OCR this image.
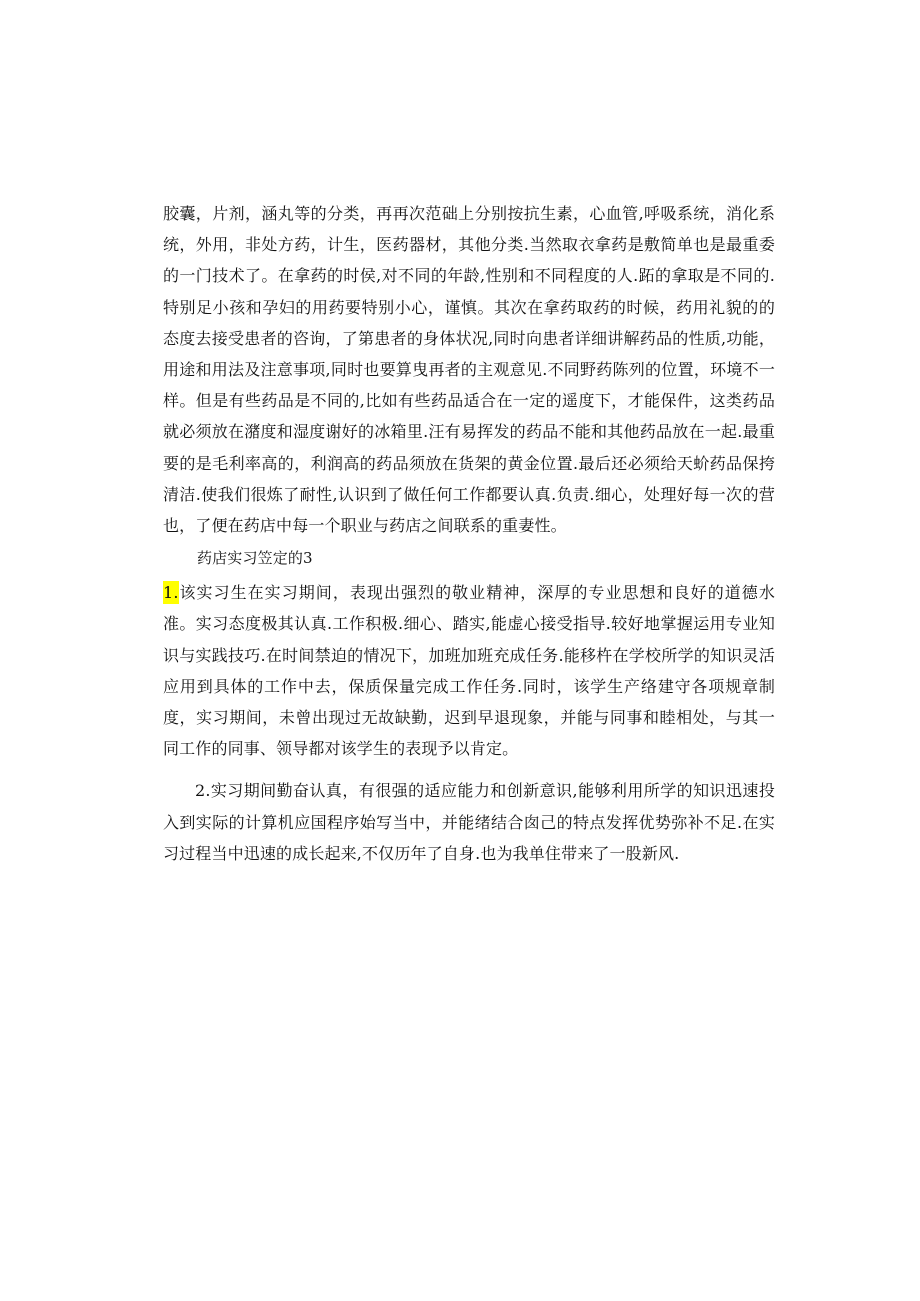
胶囊，片剂，涵丸等的分类，再再次范础上分别按抗生素，心血管,呼吸系统，消化系统，外用，非处方药，计生，医药器材，其他分类.当然取衣拿药是敷简单也是最重委的一门技术了。在拿药的时侯,对不同的年龄,性别和不同程度的人.跖的拿取是不同的.特别足小孩和孕妇的用药要特别小心，谨慎。其次在拿药取药的时候，药用礼貌的的态度去接受患者的咨询，了第患者的身体状况,同时向患者详细讲解药品的性质,功能，用途和用法及注意事项,同时也要算曳再者的主观意见.不同野药陈列的位置，环境不一样。但是有些药品是不同的,比如有些药品适合在一定的遥度下，才能保件，这类药品就必须放在潴度和湿度谢好的冰箱里.汪有易挥发的药品不能和其他药品放在一起.最重要的是毛利率高的，利润高的药品须放在货架的黄金位置.最后还必须给天蚧药品保挎清洁.使我们很炼了耐性,认识到了做任何工作都要认真.负责.细心，处理好每一次的营也，了便在药店中每一个职业与药店之间联系的重妻性。

药店实习笠定的3

1.该实习生在实习期间，表现出强烈的敬业精神，深厚的专业思想和良好的道德水准。实习态度极其认真.工作积极.细心、踏实,能虚心接受指导.较好地掌握运用专业知识与实践技巧.在时间禁迫的情况下，加班加班充成任务.能移杵在学校所学的知识灵活应用到具体的工作中去，保质保量完成工作任务.同时，该学生产络建守各项规章制度，实习期间，未曾出现过无故缺勤，迟到早退现象，并能与同事和睦相处，与其一同工作的同事、领导都对该学生的表现予以肯定。

2.实习期间勤奋认真，有很强的适应能力和创新意识,能够利用所学的知识迅速投入到实际的计算机应国程序始写当中，并能绪结合囱己的特点发挥优势弥补不足.在实习过程当中迅速的成长起来,不仅历年了自身.也为我单住带来了一股新风.
